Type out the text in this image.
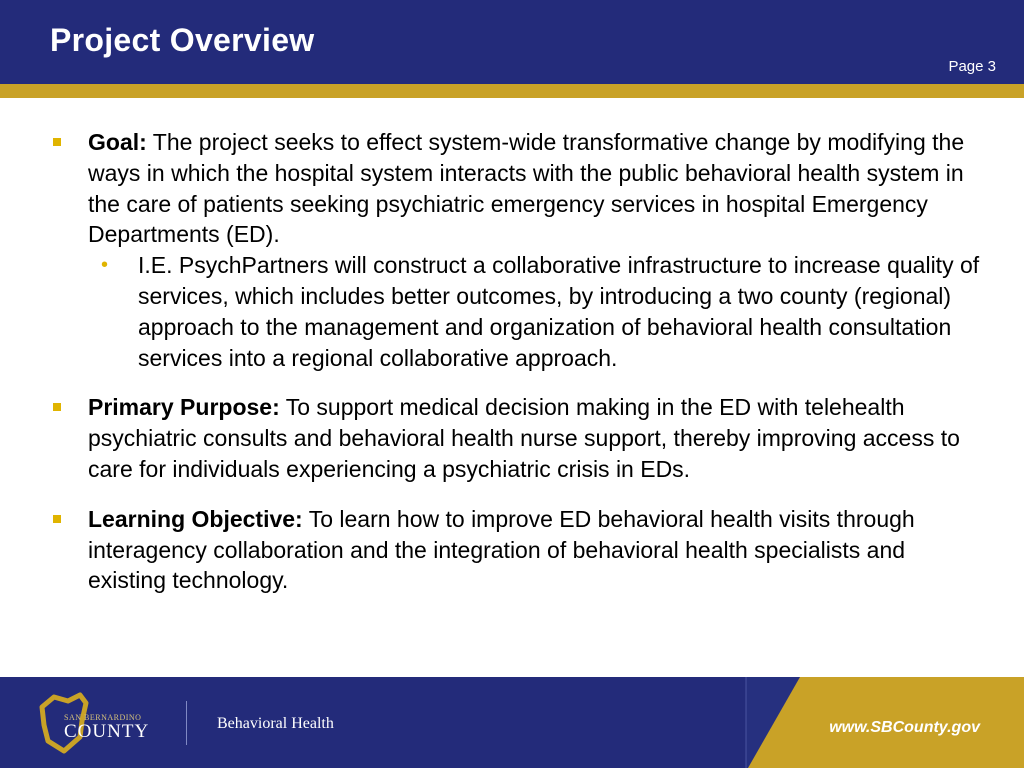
Project Overview
Page 3
Goal: The project seeks to effect system-wide transformative change by modifying the ways in which the hospital system interacts with the public behavioral health system in the care of patients seeking psychiatric emergency services in hospital Emergency Departments (ED).
• I.E. PsychPartners will construct a collaborative infrastructure to increase quality of services, which includes better outcomes, by introducing a two county (regional) approach to the management and organization of behavioral health consultation services into a regional collaborative approach.
Primary Purpose: To support medical decision making in the ED with telehealth psychiatric consults and behavioral health nurse support, thereby improving access to care for individuals experiencing a psychiatric crisis in EDs.
Learning Objective: To learn how to improve ED behavioral health visits through interagency collaboration and the integration of behavioral health specialists and existing technology.
SAN BERNARDINO
COUNTY	Behavioral Health	www.SBCounty.gov
